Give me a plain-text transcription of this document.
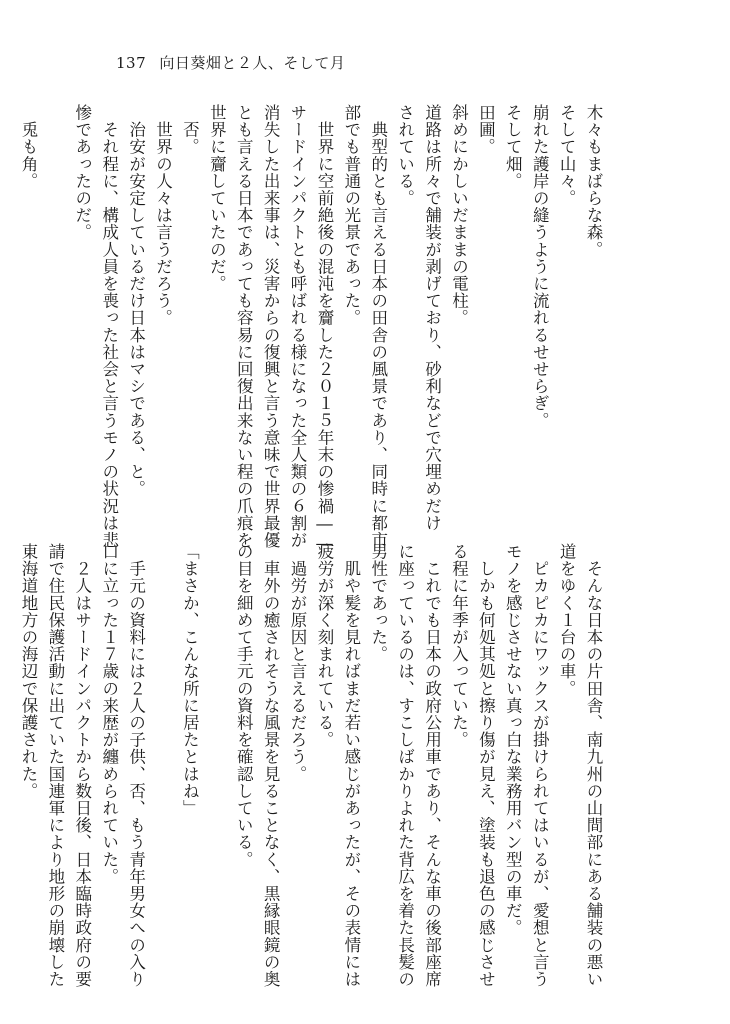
137 向日葵畑と２人、そして月

木々もまばらな森。

そして山々。

崩れた護岸の縫うように流れるせせらぎ。

そして畑。

田圃。

斜めにかしいだままの電柱。

道路は所々で舗装が剥げており、砂利などで穴埋めだけ

されている。

　典型的とも言える日本の田舎の風景であり、同時に都市

部でも普通の光景であった。

　世界に空前絶後の混沌を齎した２０１５年末の惨禍――

サードインパクトとも呼ばれる様になった全人類の６割が

消失した出来事は、災害からの復興と言う意味で世界最優

とも言える日本であっても容易に回復出来ない程の爪痕を

世界に齎していたのだ。

　否。

　世界の人々は言うだろう。

　治安が安定しているだけ日本はマシである、と。

　それ程に、構成人員を喪った社会と言うモノの状況は悲

惨であったのだ。

　兎も角。

　そんな日本の片田舎、南九州の山間部にある舗装の悪い

道をゆく１台の車。

　ピカピカにワックスが掛けられてはいるが、愛想と言う

モノを感じさせない真っ白な業務用バン型の車だ。

　しかも何処其処と擦り傷が見え、塗装も退色の感じさせ

る程に年季が入っていた。

　これでも日本の政府公用車であり、そんな車の後部座席

に座っているのは、すこしばかりよれた背広を着た長髪の

男性であった。

　肌や髪を見ればまだ若い感じがあったが、その表情には

疲労が深く刻まれている。

　過労が原因と言えるだろう。

　車外の癒されそうな風景を見ることなく、黒縁眼鏡の奥

の目を細めて手元の資料を確認している。

「まさか、こんな所に居たとはね」

　手元の資料には２人の子供、否、もう青年男女への入り

口に立った１７歳の来歴が纏められていた。

　２人はサードインパクトから数日後、日本臨時政府の要

請で住民保護活動に出ていた国連軍により地形の崩壊した

東海道地方の海辺で保護された。
